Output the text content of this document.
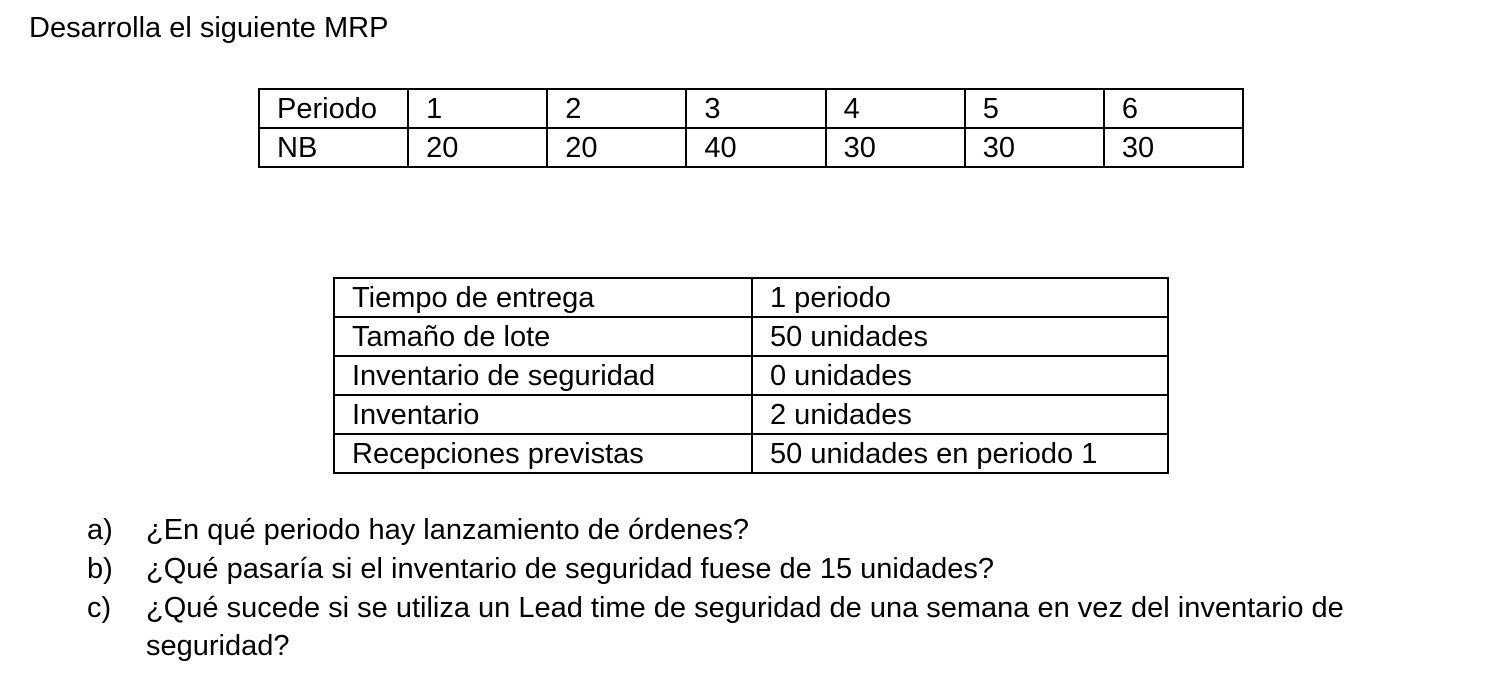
Desarrolla el siguiente MRP
Periodo	1	2	3	4	5	6
NB	20	20	40	30	30	30
Tiempo de entrega	1 periodo
Tamaño de lote	50 unidades
Inventario de seguridad	0 unidades
Inventario	2 unidades
Recepciones previstas	50 unidades en periodo 1
a)	¿En qué periodo hay lanzamiento de órdenes?
b)	¿Qué pasaría si el inventario de seguridad fuese de 15 unidades?
c)	¿Qué sucede si se utiliza un Lead time de seguridad de una semana en vez del inventario de seguridad?
